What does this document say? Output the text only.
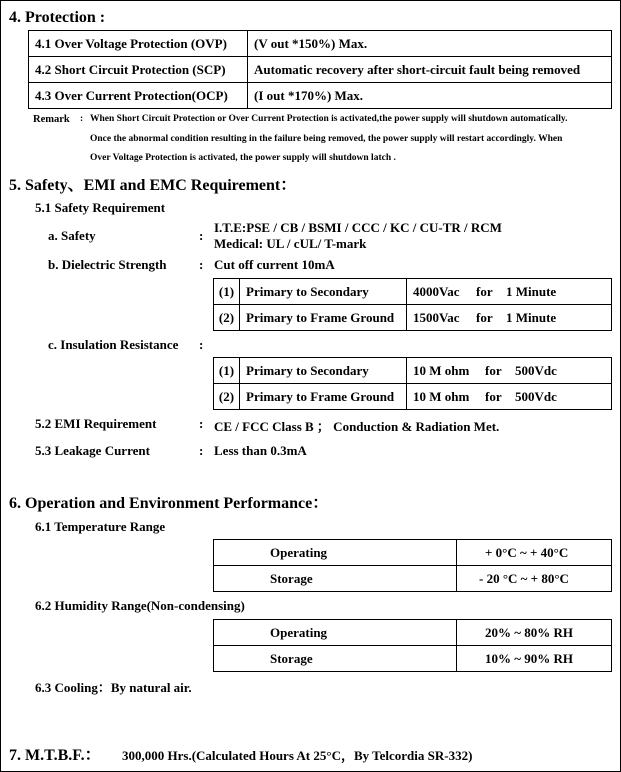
4. Protection :
4.1 Over Voltage Protection (OVP)	(V out *150%) Max.
4.2 Short Circuit Protection (SCP)	Automatic recovery after short-circuit fault being removed
4.3 Over Current Protection(OCP)	(I out *170%) Max.
Remark : When Short Circuit Protection or Over Current Protection is activated,the power supply will shutdown automatically.
Once the abnormal condition resulting in the failure being removed, the power supply will restart accordingly. When
Over Voltage Protection is activated, the power supply will shutdown latch .
5. Safety、EMI and EMC Requirement：
5.1 Safety Requirement
a. Safety	:
I.T.E:PSE / CB / BSMI / CCC / KC / CU-TR / RCM
Medical: UL / cUL/ T-mark
b. Dielectric Strength : Cut off current 10mA
(1)	Primary to Secondary	4000Vac for 1 Minute
(2)	Primary to Frame Ground	1500Vac for 1 Minute
c. Insulation Resistance :
(1)	Primary to Secondary	10 M ohm for 500Vdc
(2)	Primary to Frame Ground	10 M ohm for 500Vdc
5.2 EMI Requirement	: CE / FCC Class B ； Conduction & Radiation Met.
5.3 Leakage Current	: Less than 0.3mA
6. Operation and Environment Performance：
6.1 Temperature Range
Operating	+ 0°C ~ + 40°C
Storage	- 20 °C ~ + 80°C
6.2 Humidity Range(Non-condensing)
Operating	20% ~ 80% RH
Storage	10% ~ 90% RH
6.3 Cooling：By natural air.
7. M.T.B.F.： 300,000 Hrs.(Calculated Hours At 25°C，By Telcordia SR-332)
